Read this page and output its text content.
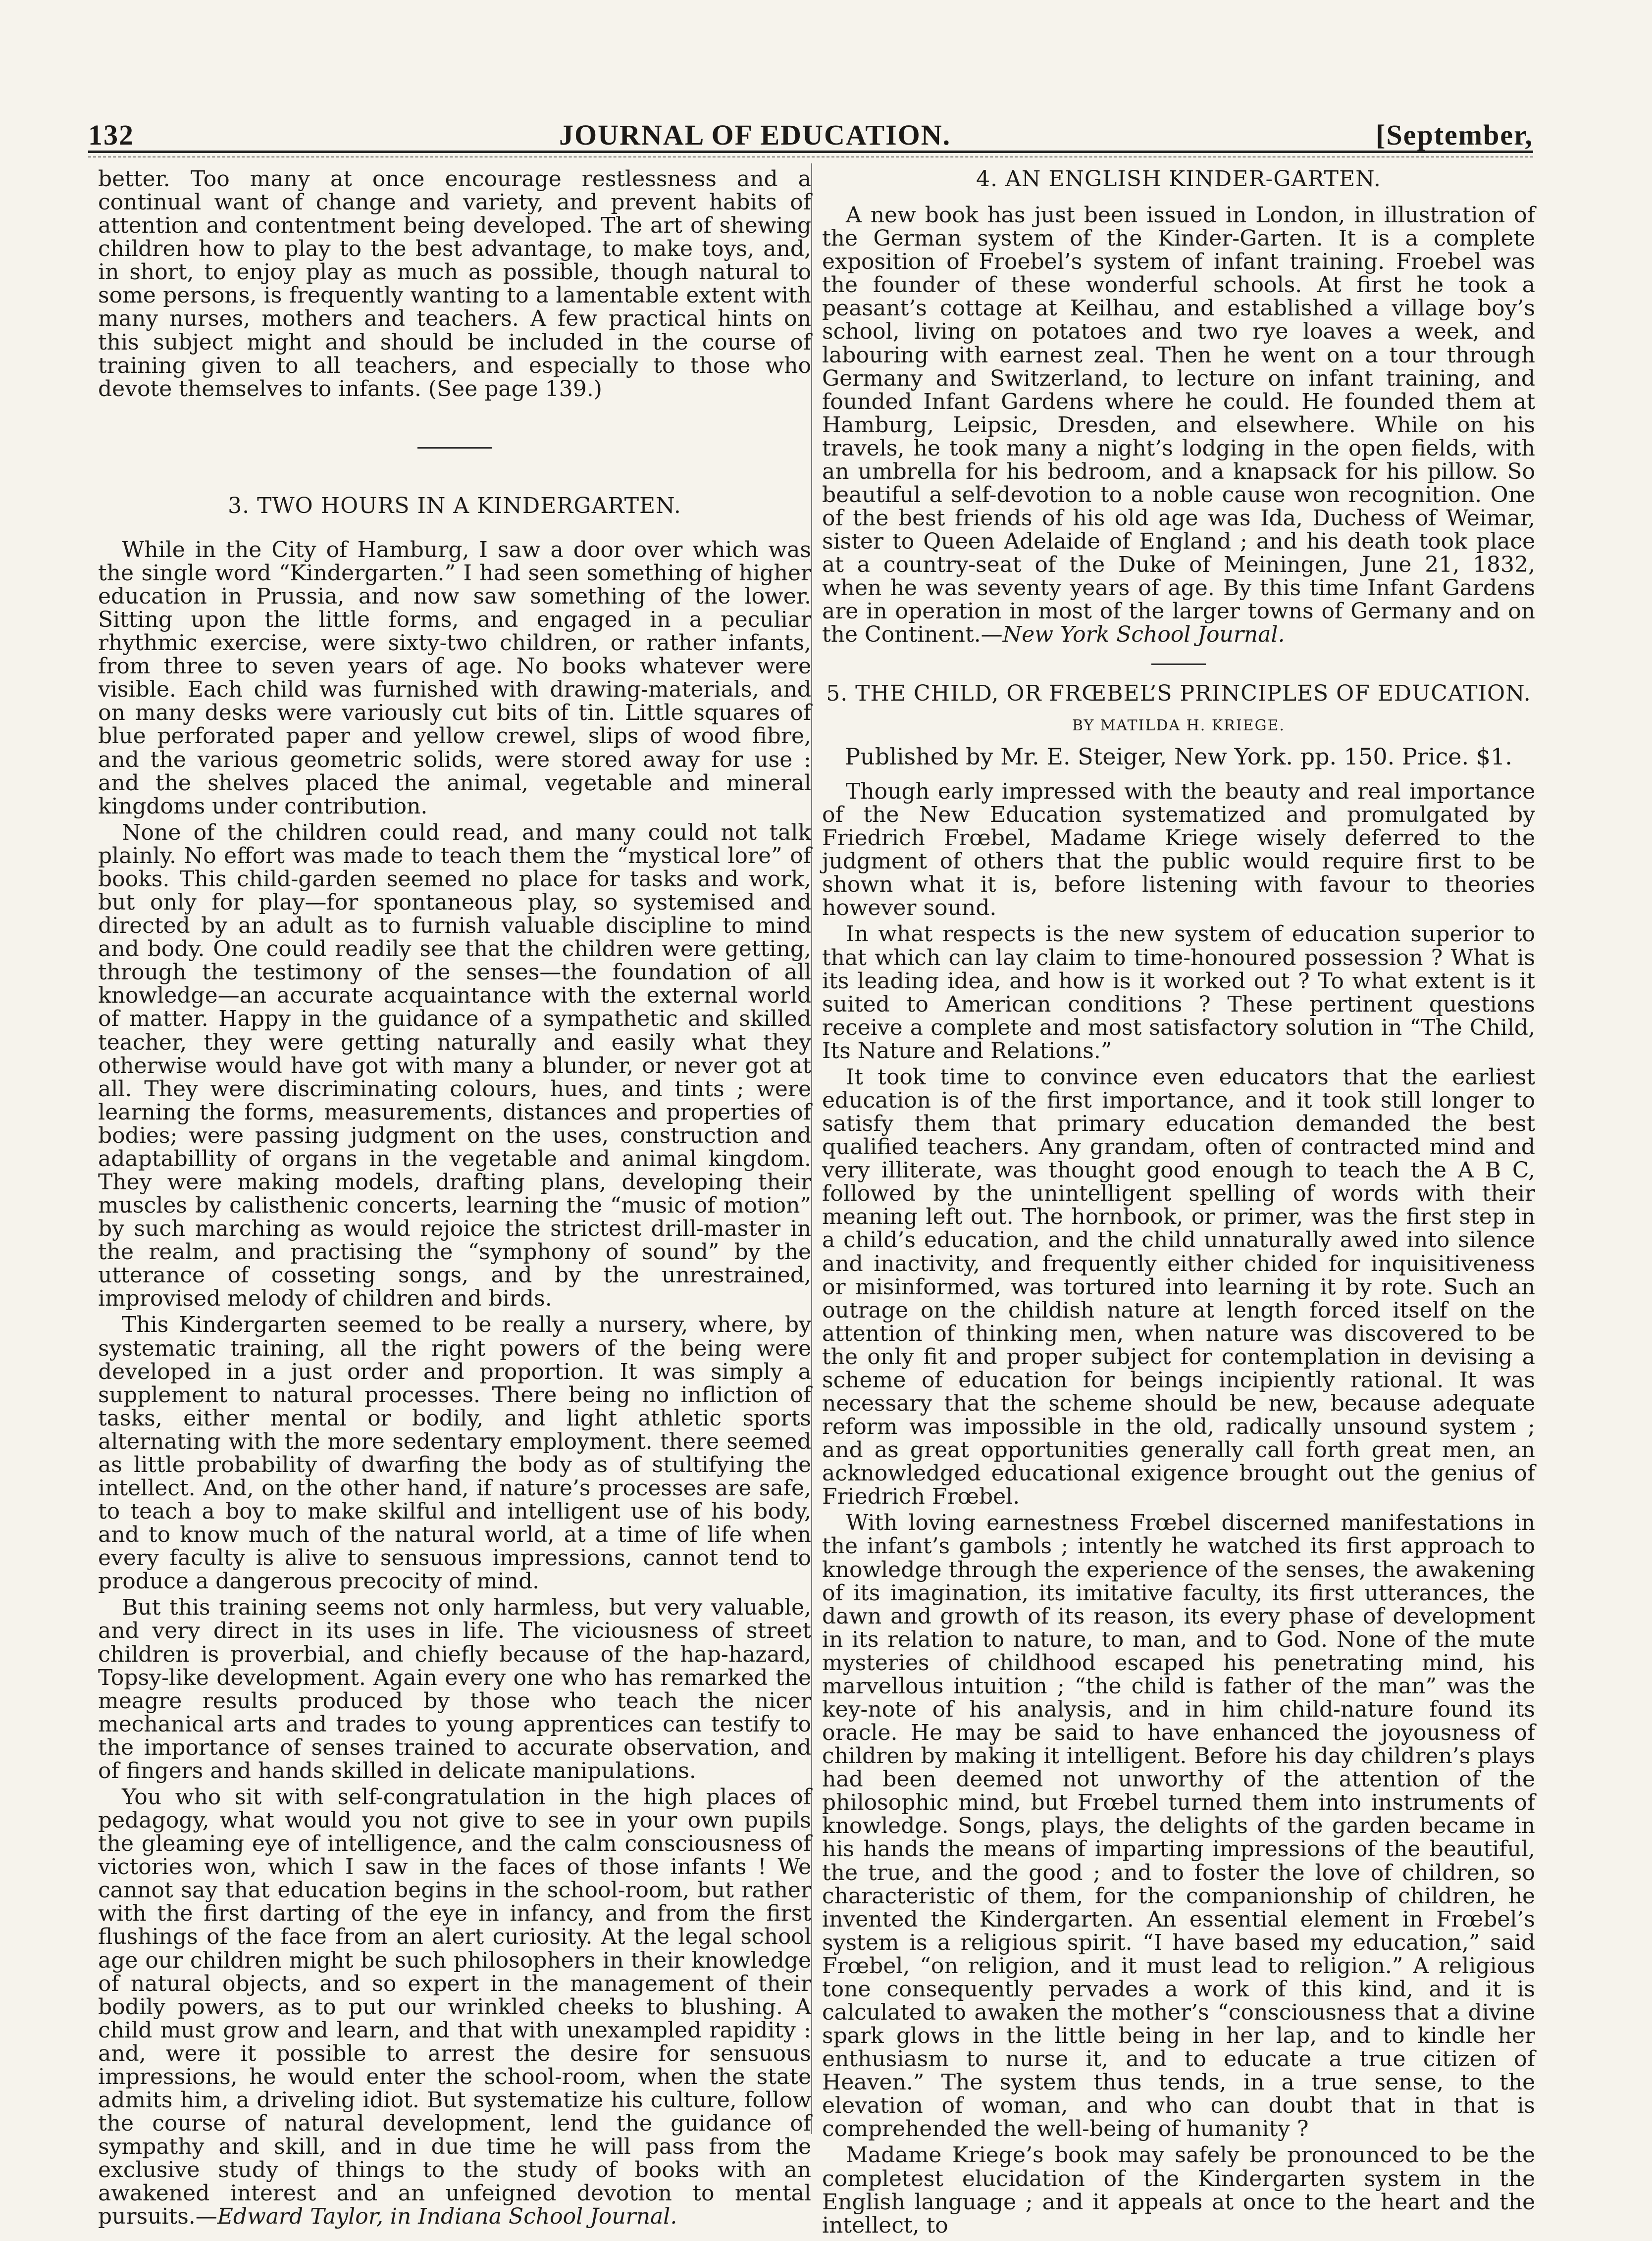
132	JOURNAL OF EDUCATION.	[September,

better. Too many at once encourage restlessness and a continual want of change and variety, and prevent habits of attention and contentment being developed. The art of shewing children how to play to the best advantage, to make toys, and, in short, to enjoy play as much as possible, though natural to some persons, is frequently wanting to a lamentable extent with many nurses, mothers and teachers. A few practical hints on this subject might and should be included in the course of training given to all teachers, and especially to those who devote themselves to infants. (See page 139.)

3. TWO HOURS IN A KINDERGARTEN.

While in the City of Hamburg, I saw a door over which was the single word “Kindergarten.” I had seen something of higher education in Prussia, and now saw something of the lower. Sitting upon the little forms, and engaged in a peculiar rhythmic exercise, were sixty-two children, or rather infants, from three to seven years of age. No books whatever were visible. Each child was furnished with drawing-materials, and on many desks were variously cut bits of tin. Little squares of blue perforated paper and yellow crewel, slips of wood fibre, and the various geometric solids, were stored away for use : and the shelves placed the animal, vegetable and mineral kingdoms under contribution.

None of the children could read, and many could not talk plainly. No effort was made to teach them the “mystical lore” of books. This child-garden seemed no place for tasks and work, but only for play—for spontaneous play, so systemised and directed by an adult as to furnish valuable discipline to mind and body. One could readily see that the children were getting, through the testimony of the senses—the foundation of all knowledge—an accurate acquaintance with the external world of matter. Happy in the guidance of a sympathetic and skilled teacher, they were getting naturally and easily what they otherwise would have got with many a blunder, or never got at all. They were discriminating colours, hues, and tints ; were learning the forms, measurements, distances and properties of bodies; were passing judgment on the uses, construction and adaptabillity of organs in the vegetable and animal kingdom. They were making models, drafting plans, developing their muscles by calisthenic concerts, learning the “music of motion” by such marching as would rejoice the strictest drill-master in the realm, and practising the “symphony of sound” by the utterance of cosseting songs, and by the unrestrained, improvised melody of children and birds.

This Kindergarten seemed to be really a nursery, where, by systematic training, all the right powers of the being were developed in a just order and proportion. It was simply a supplement to natural processes. There being no infliction of tasks, either mental or bodily, and light athletic sports alternating with the more sedentary employment. there seemed as little probability of dwarfing the body as of stultifying the intellect. And, on the other hand, if nature’s processes are safe, to teach a boy to make skilful and intelligent use of his body, and to know much of the natural world, at a time of life when every faculty is alive to sensuous impressions, cannot tend to produce a dangerous precocity of mind.

But this training seems not only harmless, but very valuable, and very direct in its uses in life. The viciousness of street children is proverbial, and chiefly because of the hap-hazard, Topsy-like development. Again every one who has remarked the meagre results produced by those who teach the nicer mechanical arts and trades to young apprentices can testify to the importance of senses trained to accurate observation, and of fingers and hands skilled in delicate manipulations.

You who sit with self-congratulation in the high places of pedagogy, what would you not give to see in your own pupils the gleaming eye of intelligence, and the calm consciousness of victories won, which I saw in the faces of those infants ! We cannot say that education begins in the school-room, but rather with the first darting of the eye in infancy, and from the first flushings of the face from an alert curiosity. At the legal school age our children might be such philosophers in their knowledge of natural objects, and so expert in the management of their bodily powers, as to put our wrinkled cheeks to blushing. A child must grow and learn, and that with unexampled rapidity : and, were it possible to arrest the desire for sensuous impressions, he would enter the school-room, when the state admits him, a driveling idiot. But systematize his culture, follow the course of natural development, lend the guidance of sympathy and skill, and in due time he will pass from the exclusive study of things to the study of books with an awakened interest and an unfeigned devotion to mental pursuits.—Edward Taylor, in Indiana School Journal.

4. AN ENGLISH KINDER-GARTEN.

A new book has just been issued in London, in illustration of the German system of the Kinder-Garten. It is a complete exposition of Froebel’s system of infant training. Froebel was the founder of these wonderful schools. At first he took a peasant’s cottage at Keilhau, and established a village boy’s school, living on potatoes and two rye loaves a week, and labouring with earnest zeal. Then he went on a tour through Germany and Switzerland, to lecture on infant training, and founded Infant Gardens where he could. He founded them at Hamburg, Leipsic, Dresden, and elsewhere. While on his travels, he took many a night’s lodging in the open fields, with an umbrella for his bedroom, and a knapsack for his pillow. So beautiful a self-devotion to a noble cause won recognition. One of the best friends of his old age was Ida, Duchess of Weimar, sister to Queen Adelaide of England ; and his death took place at a country-seat of the Duke of Meiningen, June 21, 1832, when he was seventy years of age. By this time Infant Gardens are in operation in most of the larger towns of Germany and on the Continent.—New York School Journal.

5. THE CHILD, OR FRŒBEL’S PRINCIPLES OF EDUCATION.
BY MATILDA H. KRIEGE.
Published by Mr. E. Steiger, New York. pp. 150. Price. $1.

Though early impressed with the beauty and real importance of the New Education systematized and promulgated by Friedrich Frœbel, Madame Kriege wisely deferred to the judgment of others that the public would require first to be shown what it is, before listening with favour to theories however sound.

In what respects is the new system of education superior to that which can lay claim to time-honoured possession ? What is its leading idea, and how is it worked out ? To what extent is it suited to American conditions ? These pertinent questions receive a complete and most satisfactory solution in “The Child, Its Nature and Relations.”

It took time to convince even educators that the earliest education is of the first importance, and it took still longer to satisfy them that primary education demanded the best qualified teachers. Any grandam, often of contracted mind and very illiterate, was thought good enough to teach the A B C, followed by the unintelligent spelling of words with their meaning left out. The hornbook, or primer, was the first step in a child’s education, and the child unnaturally awed into silence and inactivity, and frequently either chided for inquisitiveness or misinformed, was tortured into learning it by rote. Such an outrage on the childish nature at length forced itself on the attention of thinking men, when nature was discovered to be the only fit and proper subject for contemplation in devising a scheme of education for beings incipiently rational. It was necessary that the scheme should be new, because adequate reform was impossible in the old, radically unsound system ; and as great opportunities generally call forth great men, an acknowledged educational exigence brought out the genius of Friedrich Frœbel.

With loving earnestness Frœbel discerned manifestations in the infant’s gambols ; intently he watched its first approach to knowledge through the experience of the senses, the awakening of its imagination, its imitative faculty, its first utterances, the dawn and growth of its reason, its every phase of development in its relation to nature, to man, and to God. None of the mute mysteries of childhood escaped his penetrating mind, his marvellous intuition ; “the child is father of the man” was the key-note of his analysis, and in him child-nature found its oracle. He may be said to have enhanced the joyousness of children by making it intelligent. Before his day children’s plays had been deemed not unworthy of the attention of the philosophic mind, but Frœbel turned them into instruments of knowledge. Songs, plays, the delights of the garden became in his hands the means of imparting impressions of the beautiful, the true, and the good ; and to foster the love of children, so characteristic of them, for the companionship of children, he invented the Kindergarten. An essential element in Frœbel’s system is a religious spirit. “I have based my education,” said Frœbel, “on religion, and it must lead to religion.” A religious tone consequently pervades a work of this kind, and it is calculated to awaken the mother’s “consciousness that a divine spark glows in the little being in her lap, and to kindle her enthusiasm to nurse it, and to educate a true citizen of Heaven.” The system thus tends, in a true sense, to the elevation of woman, and who can doubt that in that is comprehended the well-being of humanity ?

Madame Kriege’s book may safely be pronounced to be the completest elucidation of the Kindergarten system in the English language ; and it appeals at once to the heart and the intellect, to
